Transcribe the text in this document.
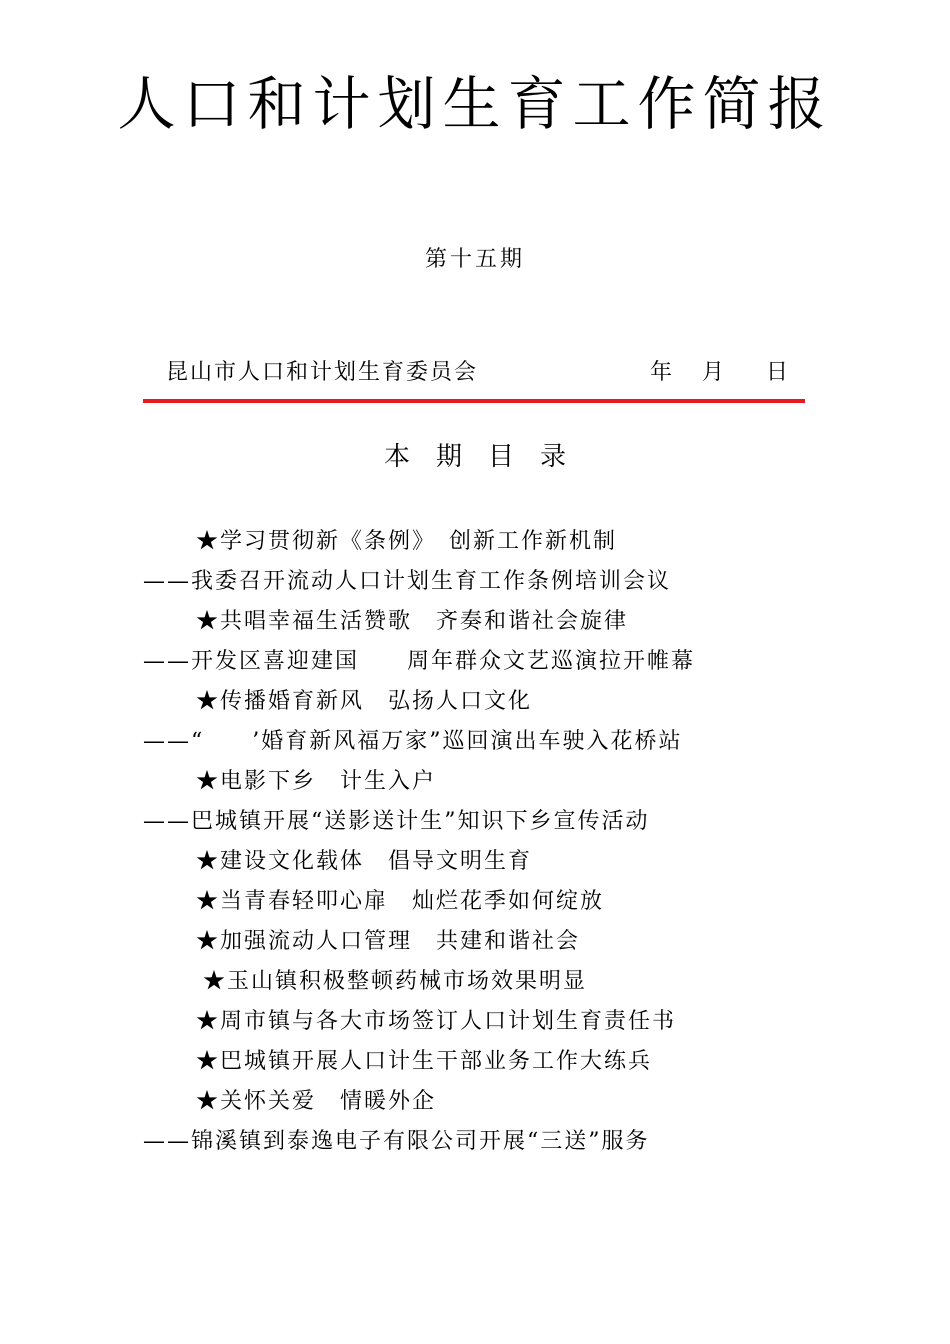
人口和计划生育工作简报
第十五期
昆山市人口和计划生育委员会	年 月 日
本 期 目 录
★学习贯彻新《条例》　创新工作新机制
——我委召开流动人口计划生育工作条例培训会议
★共唱幸福生活赞歌　齐奏和谐社会旋律
——开发区喜迎建国　　周年群众文艺巡演拉开帷幕
★传播婚育新风　弘扬人口文化
——“　　’婚育新风福万家”巡回演出车驶入花桥站
★电影下乡　计生入户
——巴城镇开展“送影送计生”知识下乡宣传活动
★建设文化载体　倡导文明生育
★当青春轻叩心扉　灿烂花季如何绽放
★加强流动人口管理　共建和谐社会
★玉山镇积极整顿药械市场效果明显
★周市镇与各大市场签订人口计划生育责任书
★巴城镇开展人口计生干部业务工作大练兵
★关怀关爱　情暖外企
——锦溪镇到泰逸电子有限公司开展“三送”服务
